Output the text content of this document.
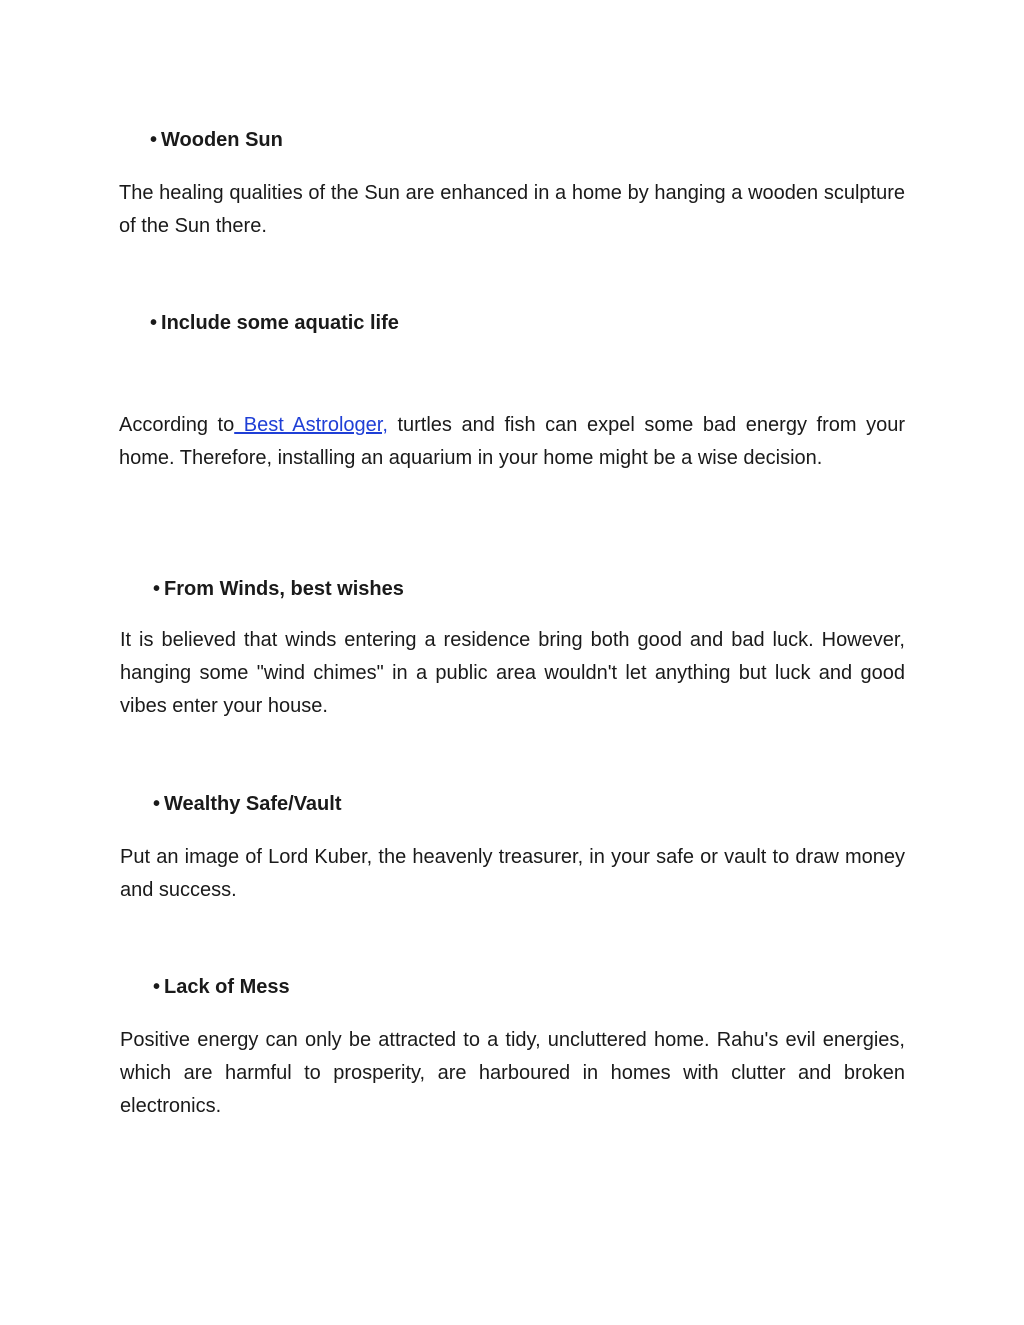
• Wooden Sun
The healing qualities of the Sun are enhanced in a home by hanging a wooden sculpture of the Sun there.
• Include some aquatic life
According to Best Astrologer, turtles and fish can expel some bad energy from your home. Therefore, installing an aquarium in your home might be a wise decision.
• From Winds, best wishes
It is believed that winds entering a residence bring both good and bad luck. However, hanging some "wind chimes" in a public area wouldn't let anything but luck and good vibes enter your house.
• Wealthy Safe/Vault
Put an image of Lord Kuber, the heavenly treasurer, in your safe or vault to draw money and success.
• Lack of Mess
Positive energy can only be attracted to a tidy, uncluttered home. Rahu's evil energies, which are harmful to prosperity, are harboured in homes with clutter and broken electronics.
